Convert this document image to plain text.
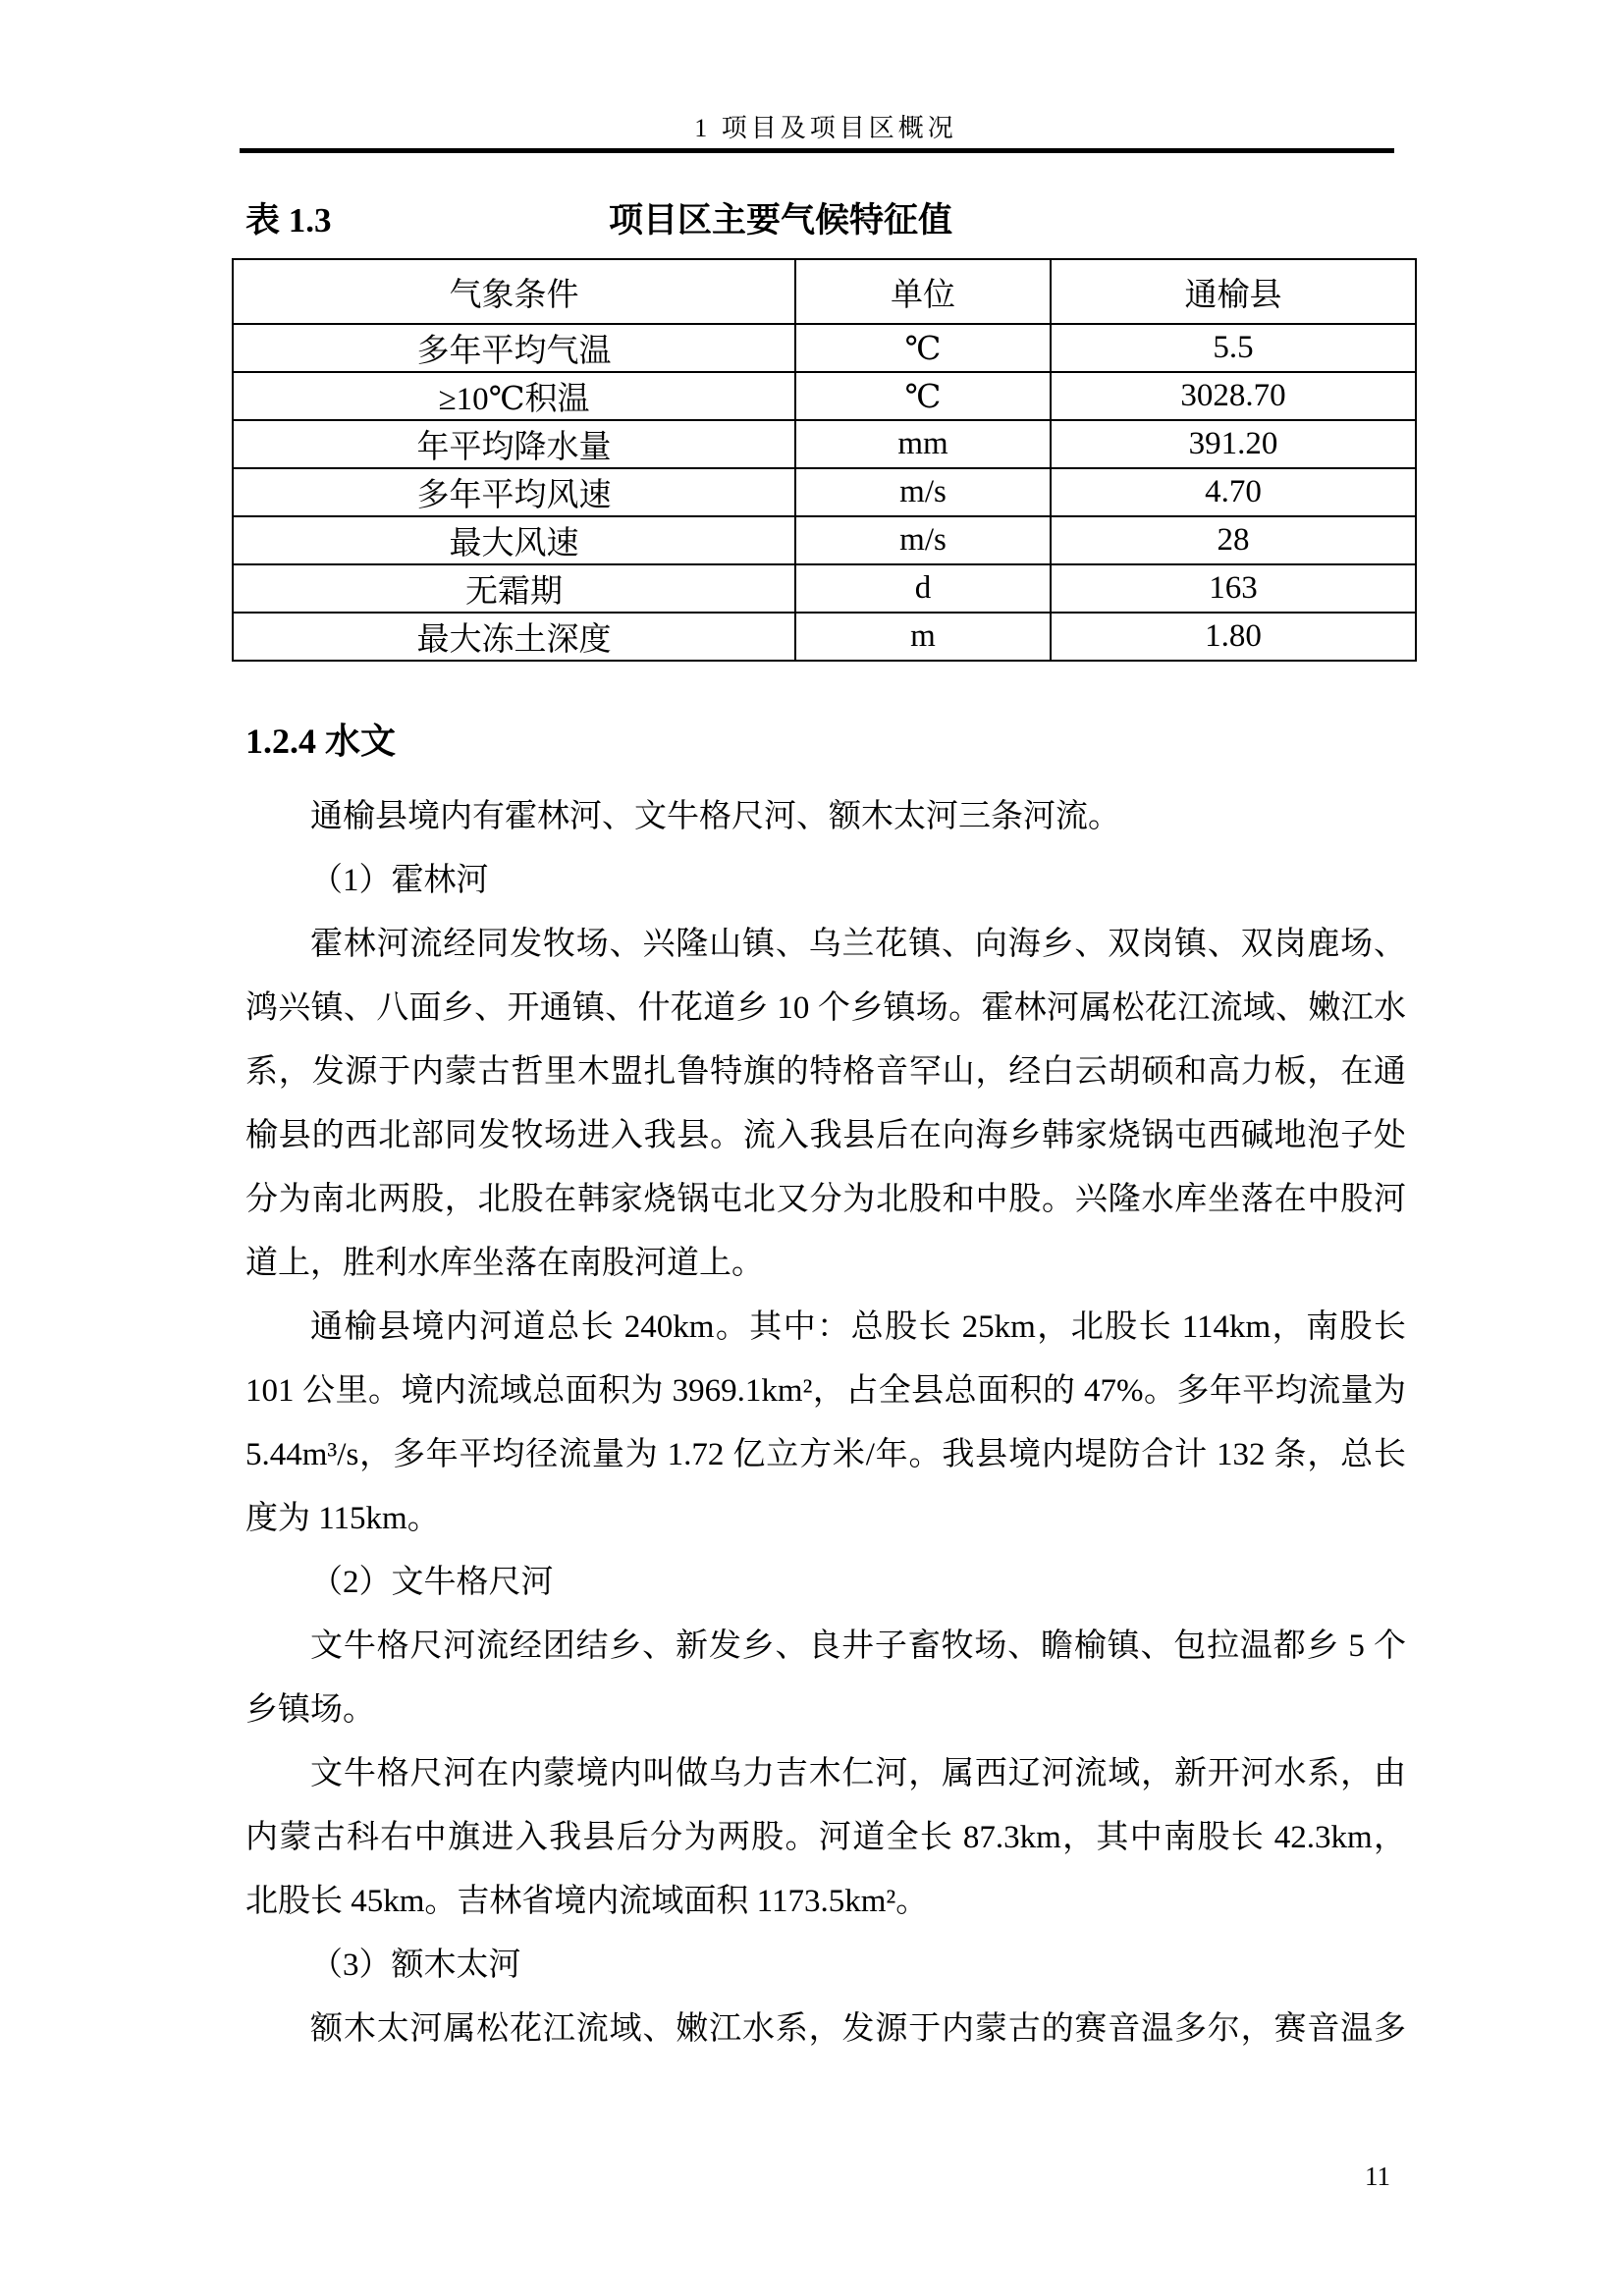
1 项目及项目区概况
项目区主要气候特征值
表 1.3
气象条件	单位	通榆县
多年平均气温	℃	5.5
≥10℃积温	℃	3028.70
年平均降水量	mm	391.20
多年平均风速	m/s	4.70
最大风速	m/s	28
无霜期	d	163
最大冻土深度	m	1.80
1.2.4 水文
通榆县境内有霍林河、文牛格尺河、额木太河三条河流。
（1）霍林河
霍林河流经同发牧场、兴隆山镇、乌兰花镇、向海乡、双岗镇、双岗鹿场、
鸿兴镇、八面乡、开通镇、什花道乡 10 个乡镇场。霍林河属松花江流域、嫩江水
系，发源于内蒙古哲里木盟扎鲁特旗的特格音罕山，经白云胡硕和高力板，在通
榆县的西北部同发牧场进入我县。流入我县后在向海乡韩家烧锅屯西碱地泡子处
分为南北两股，北股在韩家烧锅屯北又分为北股和中股。兴隆水库坐落在中股河
道上，胜利水库坐落在南股河道上。
通榆县境内河道总长 240km。其中：总股长 25km，北股长 114km，南股长
101 公里。境内流域总面积为 3969.1km²，占全县总面积的 47%。多年平均流量为
5.44m³/s，多年平均径流量为 1.72 亿立方米/年。我县境内堤防合计 132 条，总长
度为 115km。
（2）文牛格尺河
文牛格尺河流经团结乡、新发乡、良井子畜牧场、瞻榆镇、包拉温都乡 5 个
乡镇场。
文牛格尺河在内蒙境内叫做乌力吉木仁河，属西辽河流域，新开河水系，由
内蒙古科右中旗进入我县后分为两股。河道全长 87.3km，其中南股长 42.3km，
北股长 45km。吉林省境内流域面积 1173.5km²。
（3）额木太河
额木太河属松花江流域、嫩江水系，发源于内蒙古的赛音温多尔，赛音温多
11
